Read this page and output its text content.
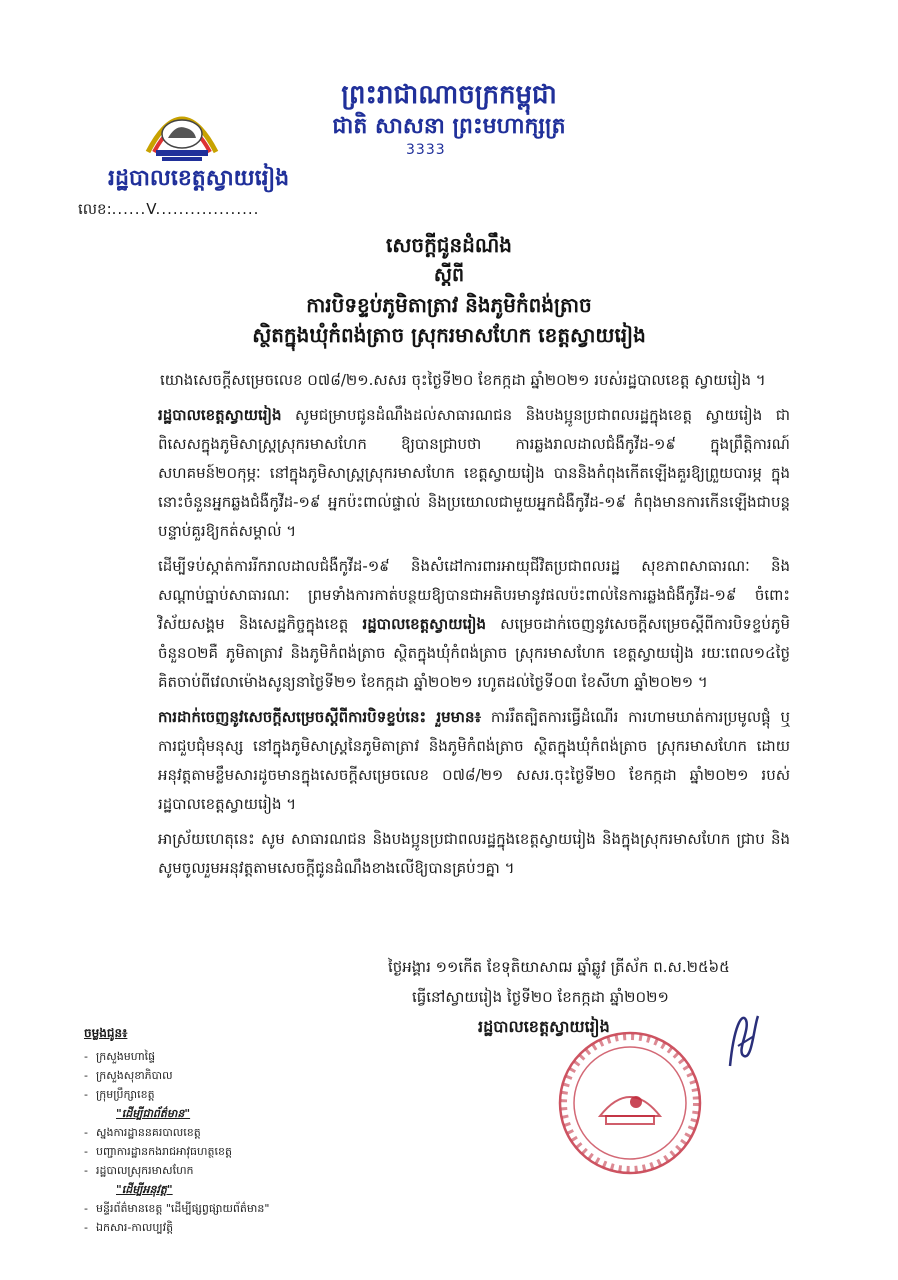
ព្រះរាជាណាចក្រកម្ពុជា
ជាតិ សាសនា ព្រះមហាក្សត្រ
3333
រដ្ឋបាលខេត្តស្វាយរៀង
លេខ:......V..................
សេចក្តីជូនដំណឹង
ស្តីពី
ការបិទខ្ទប់ភូមិតាត្រាវ និងភូមិកំពង់ត្រាច
ស្ថិតក្នុងឃុំកំពង់ត្រាច ស្រុករមាសហែក ខេត្តស្វាយរៀង

យោងសេចក្តីសម្រេចលេខ ០៧៨/២១.សសរ ចុះថ្ងៃទី២០ ខែកក្កដា ឆ្នាំ២០២១ របស់រដ្ឋបាលខេត្ត ស្វាយរៀង ។

រដ្ឋបាលខេត្តស្វាយរៀង សូមជម្រាបជូនដំណឹងដល់សាធារណជន និងបងប្អូនប្រជាពលរដ្ឋក្នុងខេត្ត ស្វាយរៀង ជាពិសេសក្នុងភូមិសាស្ត្រស្រុករមាសហែក ឱ្យបានជ្រាបថា ការឆ្លងរាលដាលជំងឺកូវីដ-១៩ ក្នុងព្រឹត្តិការណ៍សហគមន៍២០កុម្ភៈ នៅក្នុងភូមិសាស្ត្រស្រុករមាសហែក ខេត្តស្វាយរៀង បាននិងកំពុងកើតឡើងគួរឱ្យព្រួយបារម្ភ ក្នុងនោះចំនួនអ្នកឆ្លងជំងឺកូវីដ-១៩ អ្នកប៉ះពាល់ផ្ទាល់ និងប្រយោលជាមួយអ្នកជំងឺកូវីដ-១៩ កំពុងមានការកើនឡើងជាបន្តបន្ទាប់គួរឱ្យកត់សម្គាល់ ។

ដើម្បីទប់ស្កាត់ការរីករាលដាលជំងឺកូវីដ-១៩ និងសំដៅការពារអាយុជីវិតប្រជាពលរដ្ឋ សុខភាពសាធារណៈ និងសណ្តាប់ធ្នាប់សាធារណៈ ព្រមទាំងការកាត់បន្ថយឱ្យបានជាអតិបរមានូវផលប៉ះពាល់នៃការឆ្លងជំងឺកូវីដ-១៩ ចំពោះវិស័យសង្គម និងសេដ្ឋកិច្ចក្នុងខេត្ត រដ្ឋបាលខេត្តស្វាយរៀង សម្រេចដាក់ចេញនូវសេចក្តីសម្រេចស្តីពីការបិទខ្ទប់ភូមិចំនួន០២គឺ ភូមិតាត្រាវ និងភូមិកំពង់ត្រាច ស្ថិតក្នុងឃុំកំពង់ត្រាច ស្រុករមាសហែក ខេត្តស្វាយរៀង រយៈពេល១៤ថ្ងៃ គិតចាប់ពីវេលាម៉ោងសូន្យនាថ្ងៃទី២១ ខែកក្កដា ឆ្នាំ២០២១ រហូតដល់ថ្ងៃទី០៣ ខែសីហា ឆ្នាំ២០២១ ។

ការដាក់ចេញនូវសេចក្តីសម្រេចស្តីពីការបិទខ្ទប់នេះ រួមមាន៖ ការរឹតត្បិតការធ្វើដំណើរ ការហាមឃាត់ការប្រមូលផ្តុំ ឬការជួបជុំមនុស្ស នៅក្នុងភូមិសាស្ត្រនៃភូមិតាត្រាវ និងភូមិកំពង់ត្រាច ស្ថិតក្នុងឃុំកំពង់ត្រាច ស្រុករមាសហែក ដោយអនុវត្តតាមខ្លឹមសារដូចមានក្នុងសេចក្តីសម្រេចលេខ ០៧៨/២១ សសរ.ចុះថ្ងៃទី២០ ខែកក្កដា ឆ្នាំ២០២១ របស់រដ្ឋបាលខេត្តស្វាយរៀង ។

អាស្រ័យហេតុនេះ សូម សាធារណជន និងបងប្អូនប្រជាពលរដ្ឋក្នុងខេត្តស្វាយរៀង និងក្នុងស្រុករមាសហែក ជ្រាប និងសូមចូលរួមអនុវត្តតាមសេចក្តីជូនដំណឹងខាងលើឱ្យបានគ្រប់ៗគ្នា ។

ថ្ងៃអង្គារ ១១កើត ខែទុតិយាសាឍ ឆ្នាំឆ្លូវ ត្រីស័ក ព.ស.២៥៦៥
ធ្វើនៅស្វាយរៀង ថ្ងៃទី២០ ខែកក្កដា ឆ្នាំ២០២១
រដ្ឋបាលខេត្តស្វាយរៀង
ចម្លងជូន៖
- ក្រសួងមហាផ្ទៃ
- ក្រសួងសុខាភិបាល
- ក្រុមប្រឹក្សាខេត្ត
"ដើម្បីជាព័ត៌មាន"
- ស្នងការដ្ឋាននគរបាលខេត្ត
- បញ្ជាការដ្ឋានកងរាជអាវុធហត្ថខេត្ត
- រដ្ឋបាលស្រុករមាសហែក
"ដើម្បីអនុវត្ត"
- មន្ទីរព័ត៌មានខេត្ត "ដើម្បីផ្សព្វផ្សាយព័ត៌មាន"
- ឯកសារ-កាលប្បវត្តិ
